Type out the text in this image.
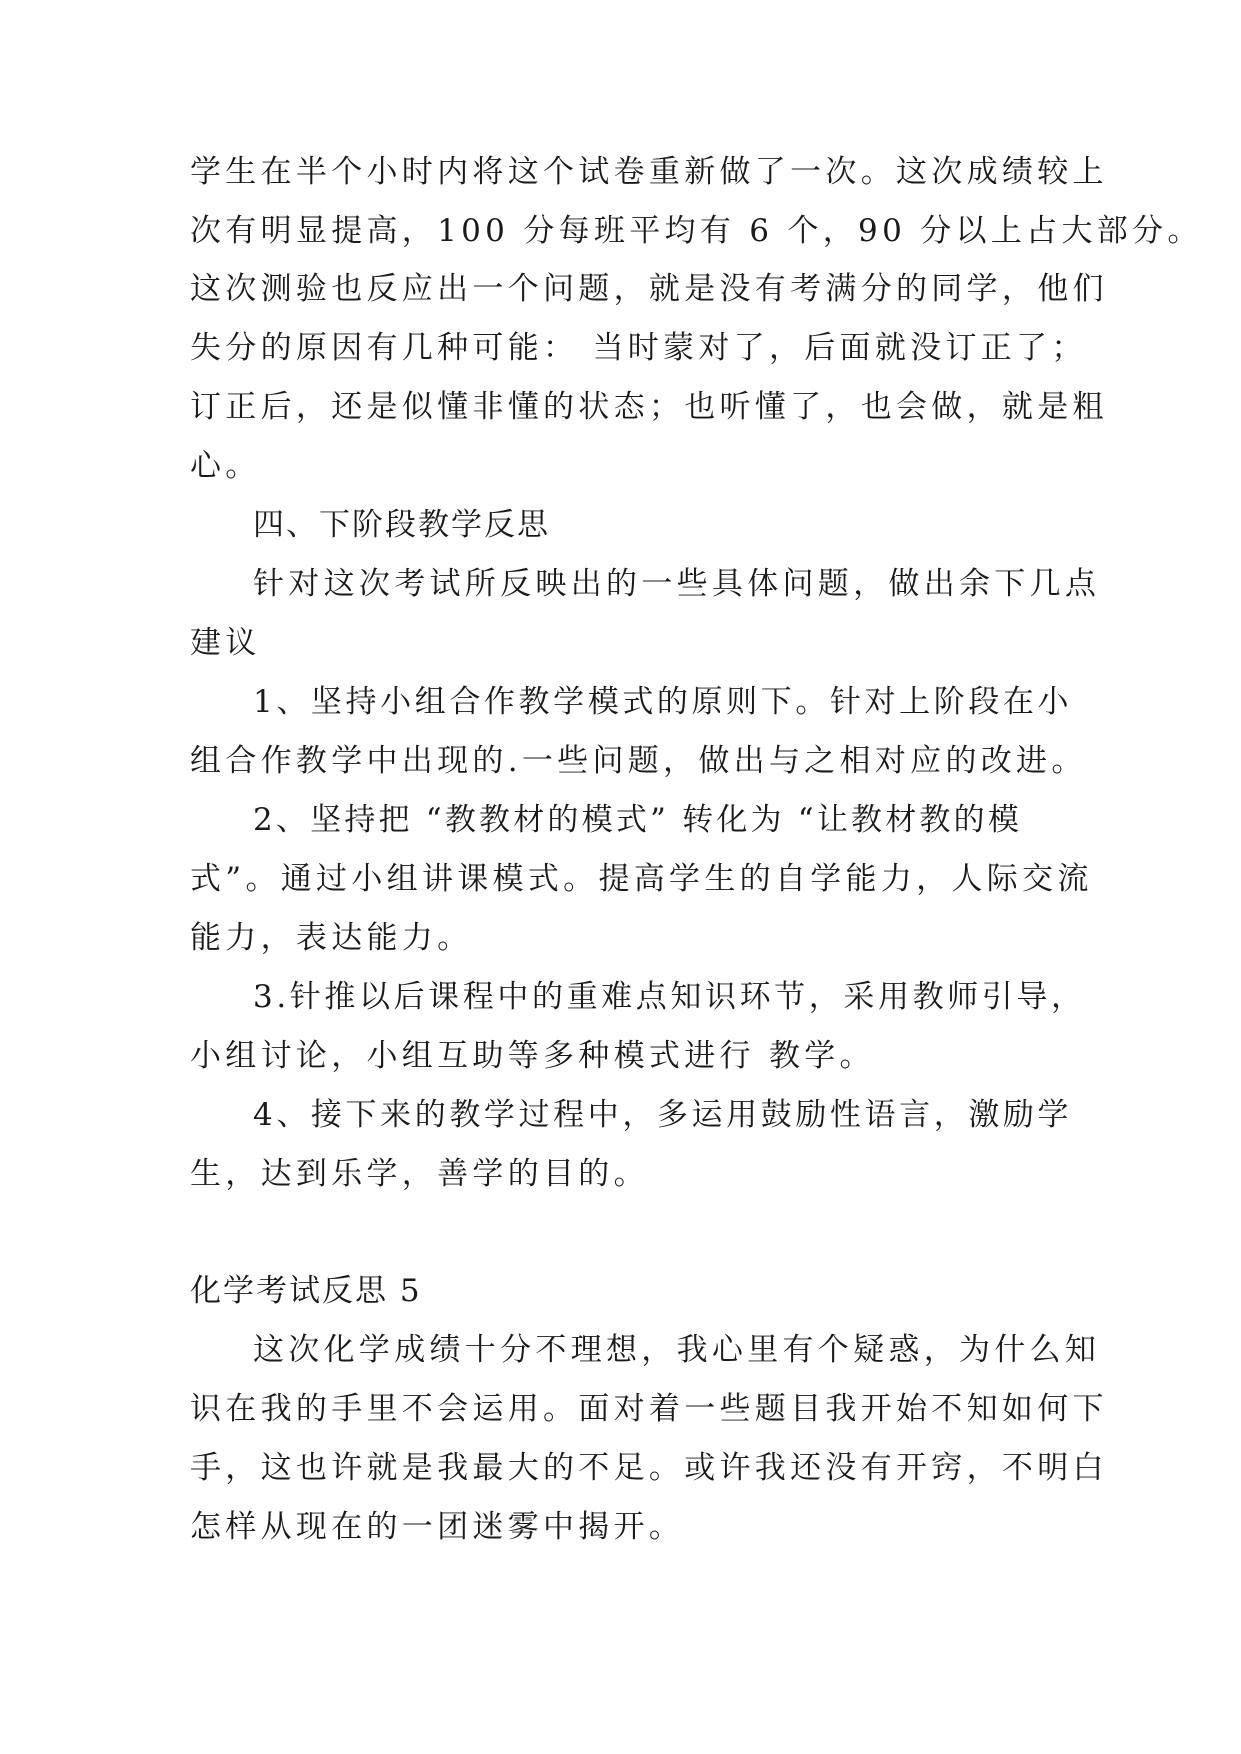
学生在半个小时内将这个试卷重新做了一次。这次成绩较上
次有明显提高，100 分每班平均有 6 个，90 分以上占大部分。
这次测验也反应出一个问题，就是没有考满分的同学，他们
失分的原因有几种可能： 当时蒙对了，后面就没订正了；
订正后，还是似懂非懂的状态；也听懂了，也会做，就是粗
心。
四、下阶段教学反思
针对这次考试所反映出的一些具体问题，做出余下几点
建议
1、坚持小组合作教学模式的原则下。针对上阶段在小
组合作教学中出现的.一些问题，做出与之相对应的改进。
2、坚持把 “教教材的模式” 转化为 “让教材教的模
式”。通过小组讲课模式。提高学生的自学能力，人际交流
能力，表达能力。
3.针推以后课程中的重难点知识环节，采用教师引导，
小组讨论，小组互助等多种模式进行 教学。
4、接下来的教学过程中，多运用鼓励性语言，激励学
生，达到乐学，善学的目的。
化学考试反思 5
这次化学成绩十分不理想，我心里有个疑惑，为什么知
识在我的手里不会运用。面对着一些题目我开始不知如何下
手，这也许就是我最大的不足。或许我还没有开窍，不明白
怎样从现在的一团迷雾中揭开。
